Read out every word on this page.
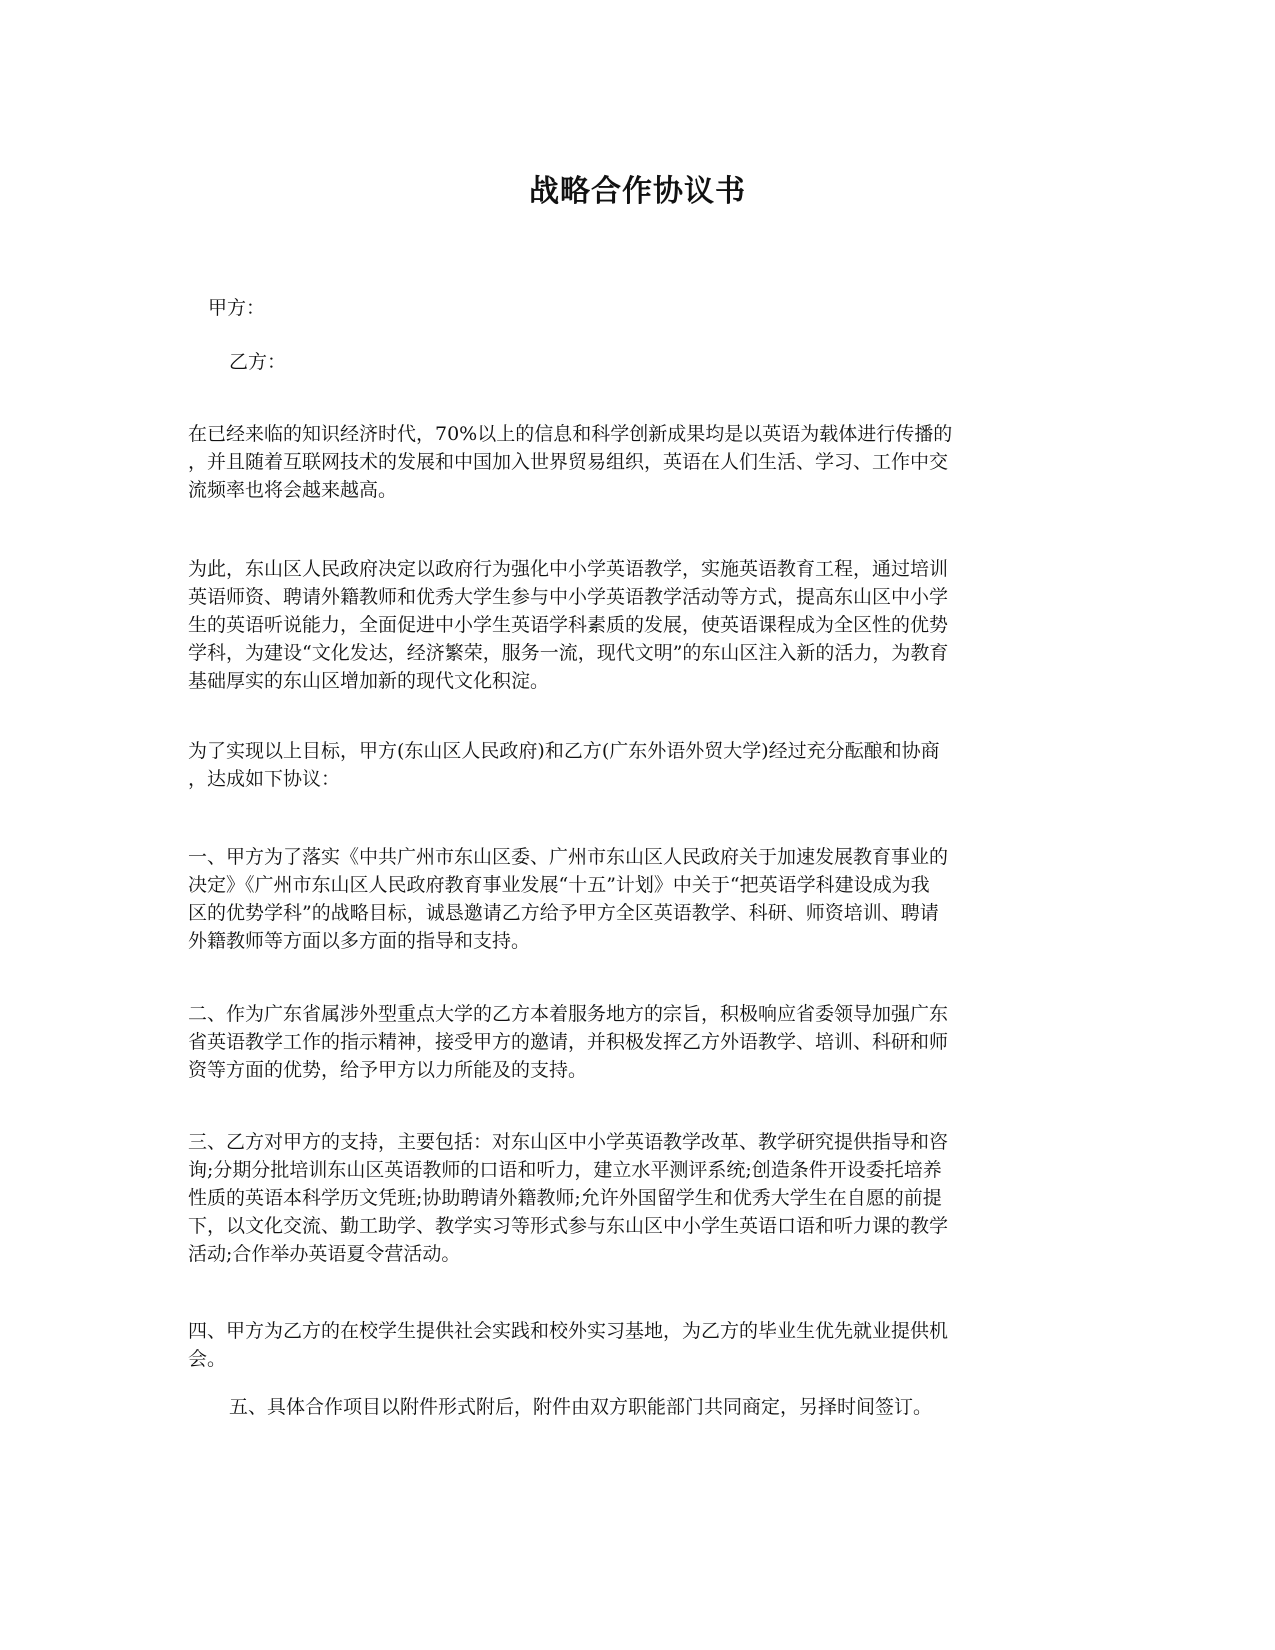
战略合作协议书

甲方：

乙方：

在已经来临的知识经济时代，70%以上的信息和科学创新成果均是以英语为载体进行传播的
，并且随着互联网技术的发展和中国加入世界贸易组织，英语在人们生活、学习、工作中交
流频率也将会越来越高。
为此，东山区人民政府决定以政府行为强化中小学英语教学，实施英语教育工程，通过培训
英语师资、聘请外籍教师和优秀大学生参与中小学英语教学活动等方式，提高东山区中小学
生的英语听说能力，全面促进中小学生英语学科素质的发展，使英语课程成为全区性的优势
学科，为建设“文化发达，经济繁荣，服务一流，现代文明”的东山区注入新的活力，为教育
基础厚实的东山区增加新的现代文化积淀。
为了实现以上目标，甲方(东山区人民政府)和乙方(广东外语外贸大学)经过充分酝酿和协商
，达成如下协议：
一、甲方为了落实《中共广州市东山区委、广州市东山区人民政府关于加速发展教育事业的
决定》《广州市东山区人民政府教育事业发展“十五”计划》中关于“把英语学科建设成为我
区的优势学科”的战略目标，诚恳邀请乙方给予甲方全区英语教学、科研、师资培训、聘请
外籍教师等方面以多方面的指导和支持。
二、作为广东省属涉外型重点大学的乙方本着服务地方的宗旨，积极响应省委领导加强广东
省英语教学工作的指示精神，接受甲方的邀请，并积极发挥乙方外语教学、培训、科研和师
资等方面的优势，给予甲方以力所能及的支持。
三、乙方对甲方的支持，主要包括：对东山区中小学英语教学改革、教学研究提供指导和咨
询;分期分批培训东山区英语教师的口语和听力，建立水平测评系统;创造条件开设委托培养
性质的英语本科学历文凭班;协助聘请外籍教师;允许外国留学生和优秀大学生在自愿的前提
下，以文化交流、勤工助学、教学实习等形式参与东山区中小学生英语口语和听力课的教学
活动;合作举办英语夏令营活动。
四、甲方为乙方的在校学生提供社会实践和校外实习基地，为乙方的毕业生优先就业提供机
会。
五、具体合作项目以附件形式附后，附件由双方职能部门共同商定，另择时间签订。
